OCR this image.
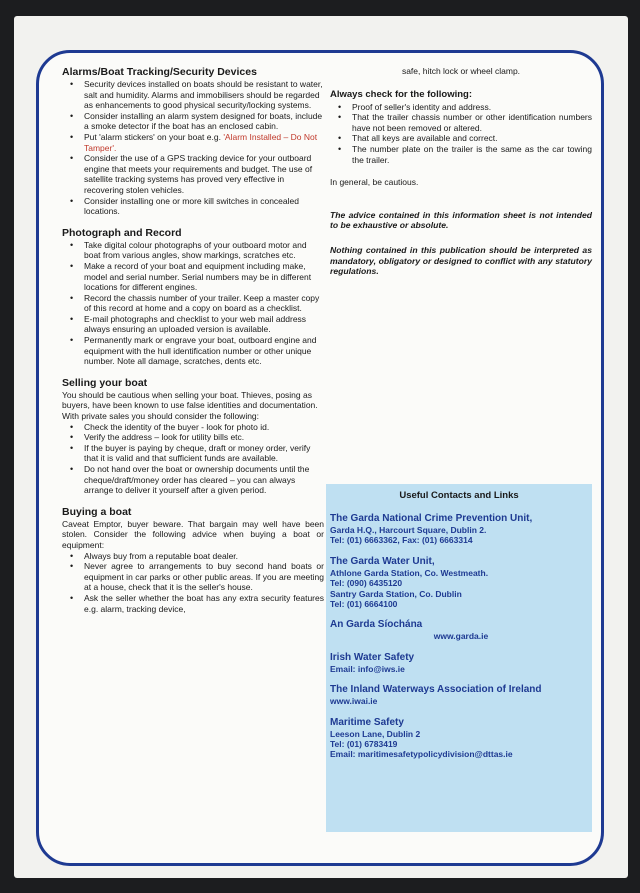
Alarms/Boat Tracking/Security Devices
• Security devices installed on boats should be resistant to water, salt and humidity. Alarms and immobilisers should be regarded as enhancements to good physical security/locking systems.
• Consider installing an alarm system designed for boats, include a smoke detector if the boat has an enclosed cabin.
• Put 'alarm stickers' on your boat e.g. 'Alarm Installed – Do Not Tamper'.
• Consider the use of a GPS tracking device for your outboard engine that meets your requirements and budget. The use of satellite tracking systems has proved very effective in recovering stolen vehicles.
• Consider installing one or more kill switches in concealed locations.
Photograph and Record
• Take digital colour photographs of your outboard motor and boat from various angles, show markings, scratches etc.
• Make a record of your boat and equipment including make, model and serial number. Serial numbers may be in different locations for different engines.
• Record the chassis number of your trailer. Keep a master copy of this record at home and a copy on board as a checklist.
• E-mail photographs and checklist to your web mail address always ensuring an uploaded version is available.
• Permanently mark or engrave your boat, outboard engine and equipment with the hull identification number or other unique number. Note all damage, scratches, dents etc.
Selling your boat

You should be cautious when selling your boat. Thieves, posing as buyers, have been known to use false identities and documentation. With private sales you should consider the following:

• Check the identity of the buyer - look for photo id.
• Verify the address – look for utility bills etc.
• If the buyer is paying by cheque, draft or money order, verify that it is valid and that sufficient funds are available.
• Do not hand over the boat or ownership documents until the cheque/draft/money order has cleared – you can always arrange to deliver it yourself after a given period.
Buying a boat

Caveat Emptor, buyer beware. That bargain may well have been stolen. Consider the following advice when buying a boat or equipment:

• Always buy from a reputable boat dealer.
• Never agree to arrangements to buy second hand boats or equipment in car parks or other public areas. If you are meeting at a house, check that it is the seller's house.
• Ask the seller whether the boat has any extra security features e.g. alarm, tracking device,

safe, hitch lock or wheel clamp.

Always check for the following:
• Proof of seller's identity and address.
• That the trailer chassis number or other identification numbers have not been removed or altered.
• That all keys are available and correct.
• The number plate on the trailer is the same as the car towing the trailer.

In general, be cautious.

The advice contained in this information sheet is not intended to be exhaustive or absolute.

Nothing contained in this publication should be interpreted as mandatory, obligatory or designed to conflict with any statutory regulations.

Useful Contacts and Links
The Garda National Crime Prevention Unit,
Garda H.Q., Harcourt Square, Dublin 2.
Tel: (01) 6663362, Fax: (01) 6663314
The Garda Water Unit,
Athlone Garda Station, Co. Westmeath.
Tel: (090) 6435120
Santry Garda Station, Co. Dublin
Tel: (01) 6664100
An Garda Síochána
www.garda.ie
Irish Water Safety
Email: info@iws.ie
The Inland Waterways Association of Ireland
www.iwai.ie
Maritime Safety
Leeson Lane, Dublin 2
Tel: (01) 6783419
Email: maritimesafetypolicydivision@dttas.ie
